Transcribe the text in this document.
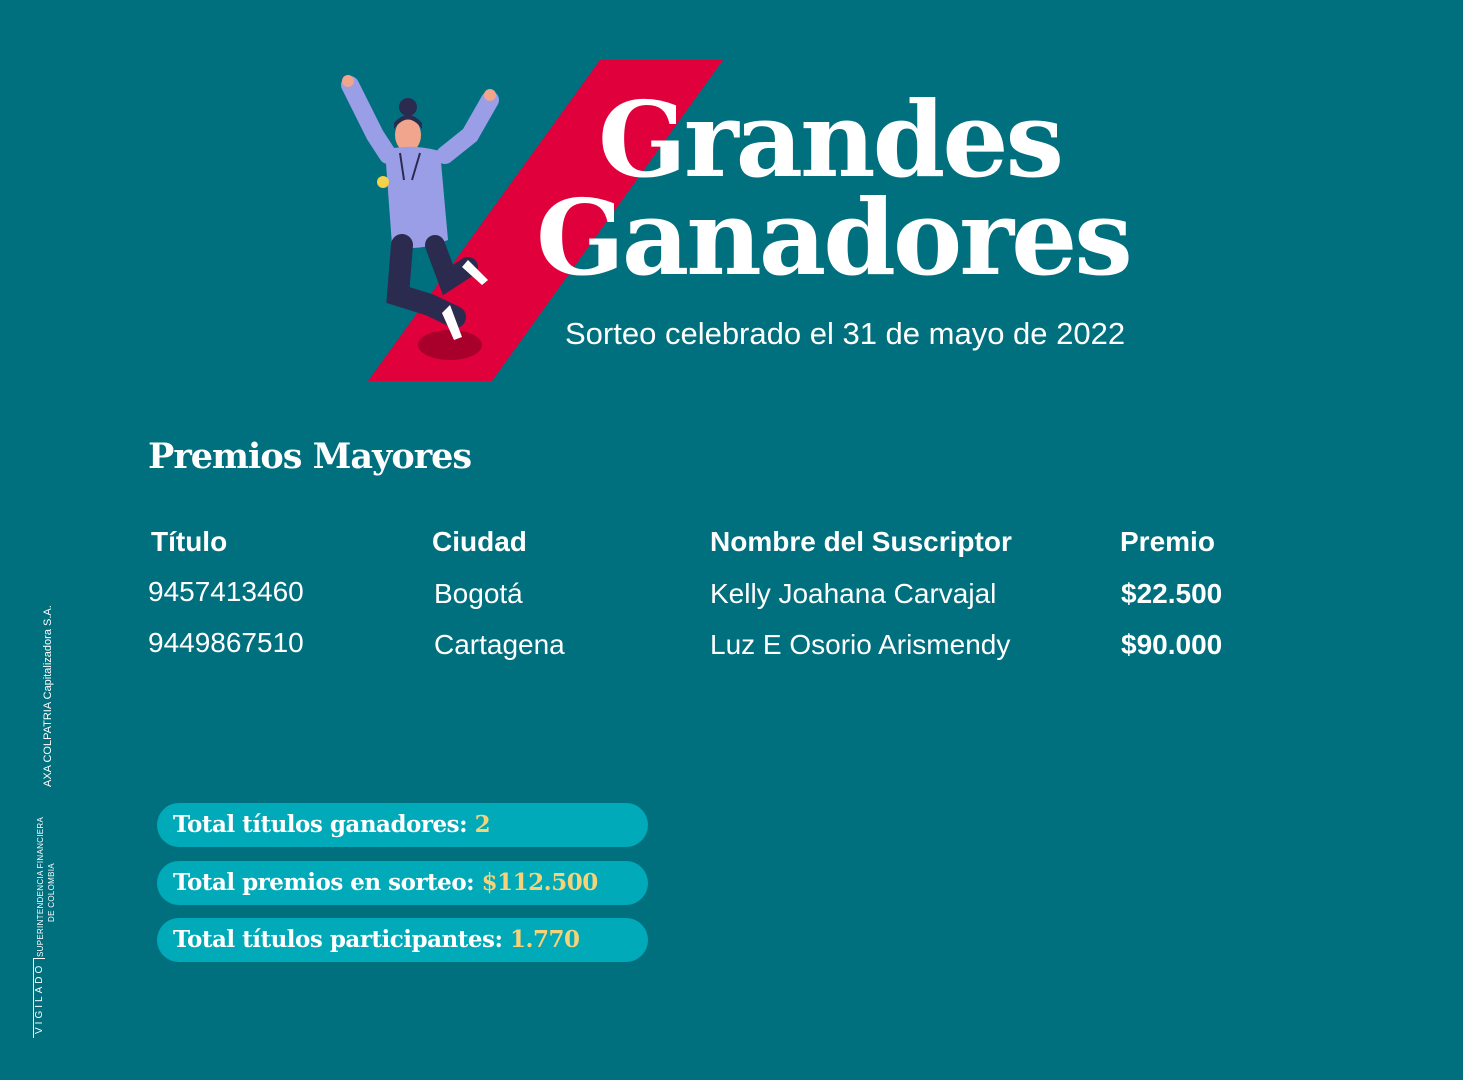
Grandes
Ganadores
Sorteo celebrado el 31 de mayo de 2022
Premios Mayores
Título	Ciudad	Nombre del Suscriptor	Premio
9457413460	Bogotá	Kelly Joahana Carvajal	$22.500
9449867510	Cartagena	Luz E Osorio Arismendy	$90.000
Total títulos ganadores: 2
Total premios en sorteo: $112.500
Total títulos participantes: 1.770
AXA COLPATRIA Capitalizadora S.A.
SUPERINTENDENCIA FINANCIERA DE COLOMBIA
VIGILADO
